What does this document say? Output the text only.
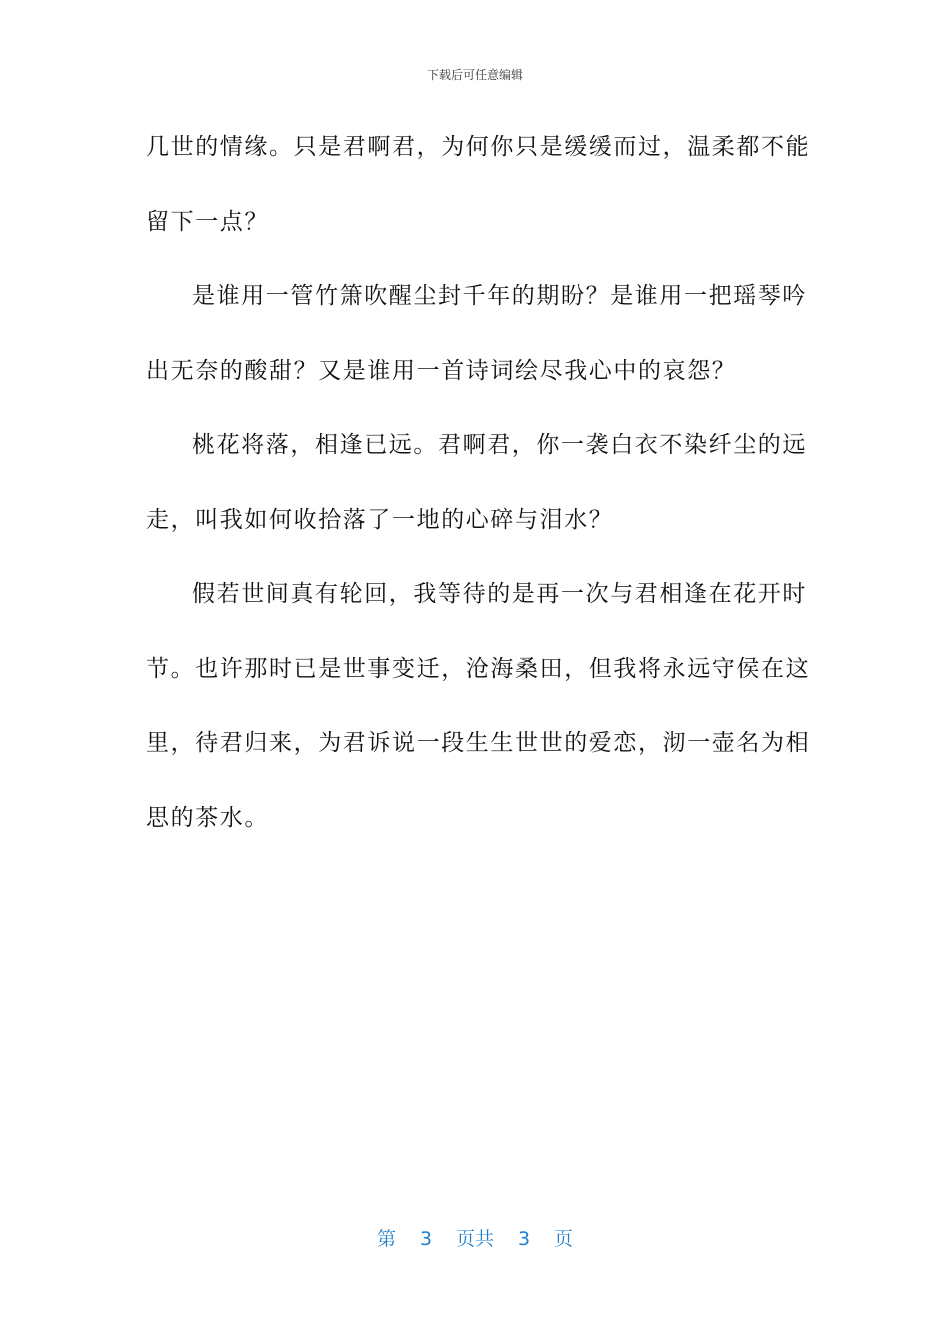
下载后可任意编辑
几世的情缘。只是君啊君，为何你只是缓缓而过，温柔都不能
留下一点？
是谁用一管竹箫吹醒尘封千年的期盼？是谁用一把瑶琴吟
出无奈的酸甜？又是谁用一首诗词绘尽我心中的哀怨？
桃花将落，相逢已远。君啊君，你一袭白衣不染纤尘的远
走，叫我如何收拾落了一地的心碎与泪水？
假若世间真有轮回，我等待的是再一次与君相逢在花开时
节。也许那时已是世事变迁，沧海桑田，但我将永远守侯在这
里，待君归来，为君诉说一段生生世世的爱恋，沏一壶名为相
思的茶水。
第 3 页共 3 页
